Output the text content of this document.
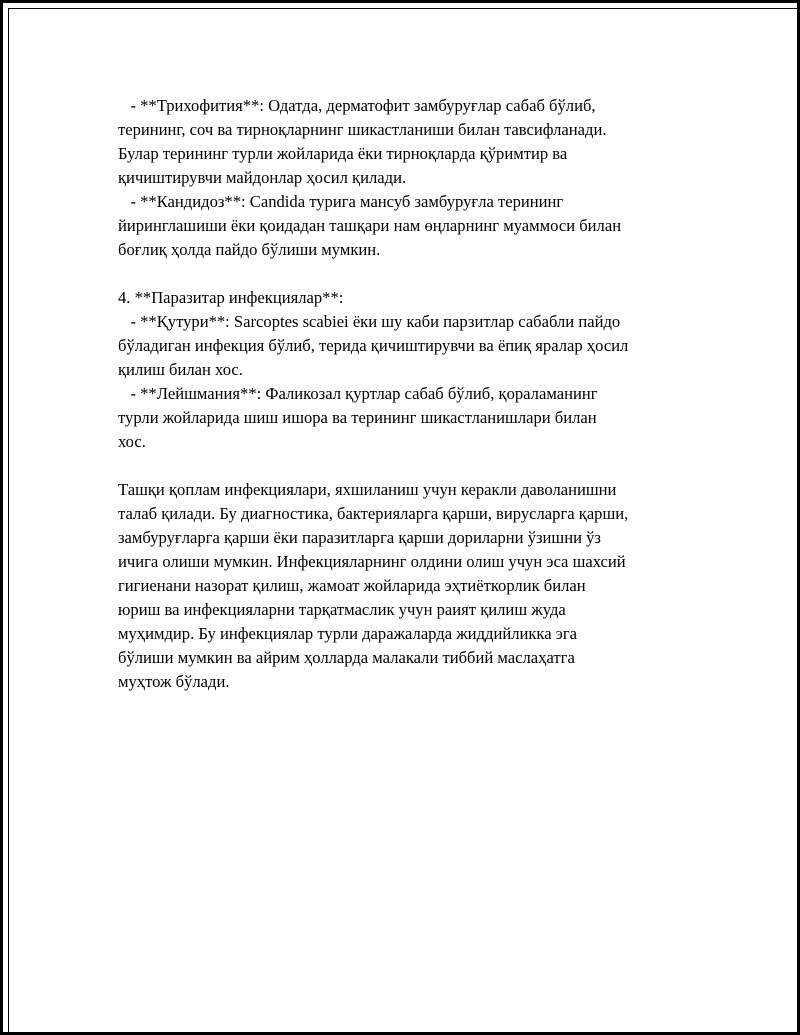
- **Трихофития**: Одатда, дерматофит замбуруғлар сабаб бўлиб,
терининг, соч ва тирноқларнинг шикастланиши билан тавсифланади.
Булар терининг турли жойларида ёки тирноқларда қўримтир ва
қичиштирувчи майдонлар ҳосил қилади.
- **Кандидоз**: Candida турига мансуб замбуруғла терининг
йиринглашиши ёки қоидадан ташқари нам өңларнинг муаммоси билан
боғлиқ ҳолда пайдо бўлиши мумкин.
4. **Паразитар инфекциялар**:
- **Қутури**: Sarcoptes scabiei ёки шу каби парзитлар сабабли пайдо
бўладиган инфекция бўлиб, терида қичиштирувчи ва ёпиқ яралар ҳосил
қилиш билан хос.
- **Лейшмания**: Фаликозал қуртлар сабаб бўлиб, қораламанинг
турли жойларида шиш ишора ва терининг шикастланишлари билан
хос.
Ташқи қоплам инфекциялари, яхшиланиш учун керакли даволанишни
талаб қилади. Бу диагностика, бактерияларга қарши, вирусларга қарши,
замбуруғларга қарши ёки паразитларга қарши дориларни ўзишни ўз
ичига олиши мумкин. Инфекцияларнинг олдини олиш учун эса шахсий
гигиенани назорат қилиш, жамоат жойларида эҳтиёткорлик билан
юриш ва инфекцияларни тарқатмаслик учун раият қилиш жуда
муҳимдир. Бу инфекциялар турли даражаларда жиддийликка эга
бўлиши мумкин ва айрим ҳолларда малакали тиббий маслаҳатга
муҳтож бўлади.
